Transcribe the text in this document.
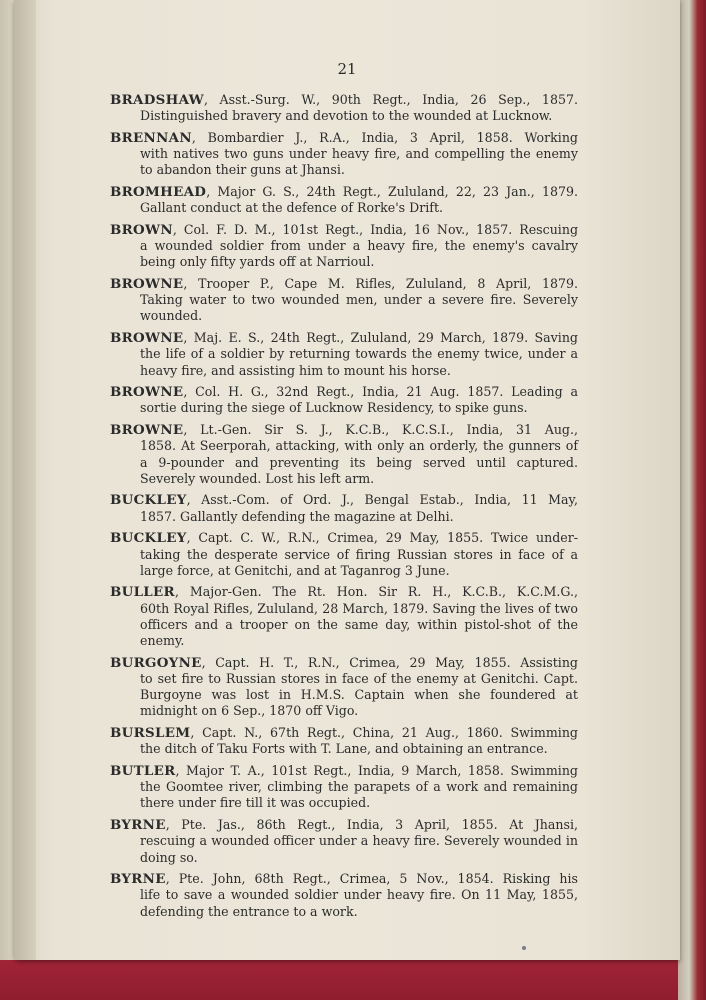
21
BRADSHAW, Asst.-Surg. W., 90th Regt., India, 26 Sep., 1857.
Distinguished bravery and devotion to the wounded at Lucknow.
BRENNAN, Bombardier J., R.A., India, 3 April, 1858. Working
with natives two guns under heavy fire, and compelling the enemy to abandon their guns at Jhansi.
BROMHEAD, Major G. S., 24th Regt., Zululand, 22, 23 Jan., 1879.
Gallant conduct at the defence of Rorke's Drift.
BROWN, Col. F. D. M., 101st Regt., India, 16 Nov., 1857. Rescuing
a wounded soldier from under a heavy fire, the enemy's cavalry being only fifty yards off at Narrioul.
BROWNE, Trooper P., Cape M. Rifles, Zululand, 8 April, 1879.
Taking water to two wounded men, under a severe fire. Severely wounded.
BROWNE, Maj. E. S., 24th Regt., Zululand, 29 March, 1879. Saving
the life of a soldier by returning towards the enemy twice, under a heavy fire, and assisting him to mount his horse.
BROWNE, Col. H. G., 32nd Regt., India, 21 Aug. 1857. Leading a
sortie during the siege of Lucknow Residency, to spike guns.
BROWNE, Lt.-Gen. Sir S. J., K.C.B., K.C.S.I., India, 31 Aug.,
1858. At Seerporah, attacking, with only an orderly, the gunners of a 9-pounder and preventing its being served until captured. Severely wounded. Lost his left arm.
BUCKLEY, Asst.-Com. of Ord. J., Bengal Estab., India, 11 May,
1857. Gallantly defending the magazine at Delhi.
BUCKLEY, Capt. C. W., R.N., Crimea, 29 May, 1855. Twice under-
taking the desperate service of firing Russian stores in face of a large force, at Genitchi, and at Taganrog 3 June.
BULLER, Major-Gen. The Rt. Hon. Sir R. H., K.C.B., K.C.M.G.,
60th Royal Rifles, Zululand, 28 March, 1879. Saving the lives of two officers and a trooper on the same day, within pistol-shot of the enemy.
BURGOYNE, Capt. H. T., R.N., Crimea, 29 May, 1855. Assisting
to set fire to Russian stores in face of the enemy at Genitchi. Capt. Burgoyne was lost in H.M.S. Captain when she foundered at midnight on 6 Sep., 1870 off Vigo.
BURSLEM, Capt. N., 67th Regt., China, 21 Aug., 1860. Swimming
the ditch of Taku Forts with T. Lane, and obtaining an entrance.
BUTLER, Major T. A., 101st Regt., India, 9 March, 1858. Swimming
the Goomtee river, climbing the parapets of a work and remaining there under fire till it was occupied.
BYRNE, Pte. Jas., 86th Regt., India, 3 April, 1855. At Jhansi,
rescuing a wounded officer under a heavy fire. Severely wounded in doing so.
BYRNE, Pte. John, 68th Regt., Crimea, 5 Nov., 1854. Risking his
life to save a wounded soldier under heavy fire. On 11 May, 1855, defending the entrance to a work.
